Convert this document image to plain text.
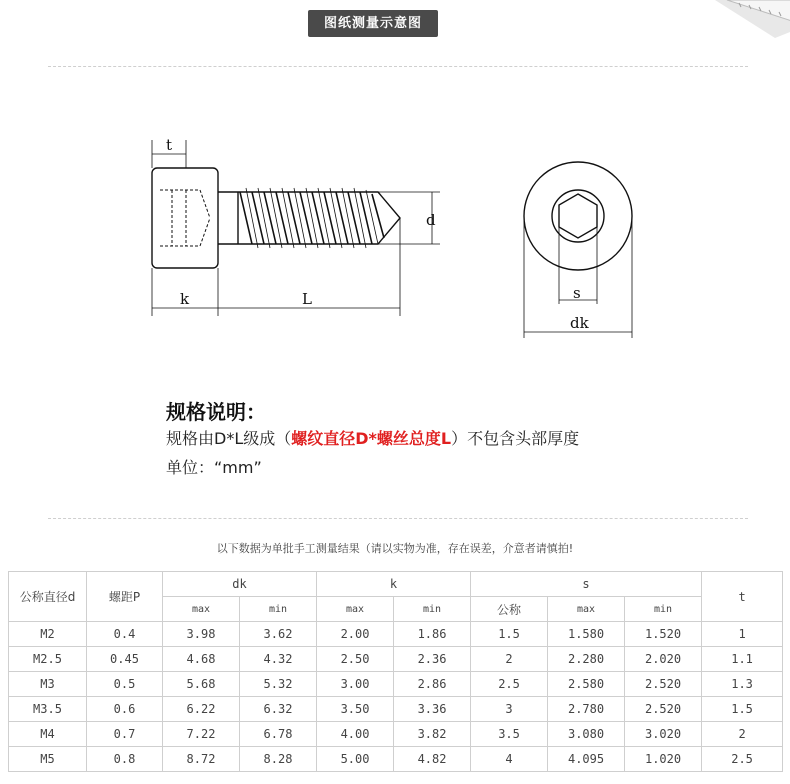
图纸测量示意图
t
d
k	L	s
dk
规格说明：
规格由D*L级成（螺纹直径D*螺丝总度L）不包含头部厚度
单位：“mm”
以下数据为单批手工测量结果（请以实物为准，存在误差，介意者请慎拍!
公称直径d	螺距P	dk		k		s			t
		max	min	max	min	公称	max	min	
M2	0.4	3.98	3.62	2.00	1.86	1.5	1.580	1.520	1
M2.5	0.45	4.68	4.32	2.50	2.36	2	2.280	2.020	1.1
M3	0.5	5.68	5.32	3.00	2.86	2.5	2.580	2.520	1.3
M3.5	0.6	6.22	6.32	3.50	3.36	3	2.780	2.520	1.5
M4	0.7	7.22	6.78	4.00	3.82	3.5	3.080	3.020	2
M5	0.8	8.72	8.28	5.00	4.82	4	4.095	1.020	2.5
